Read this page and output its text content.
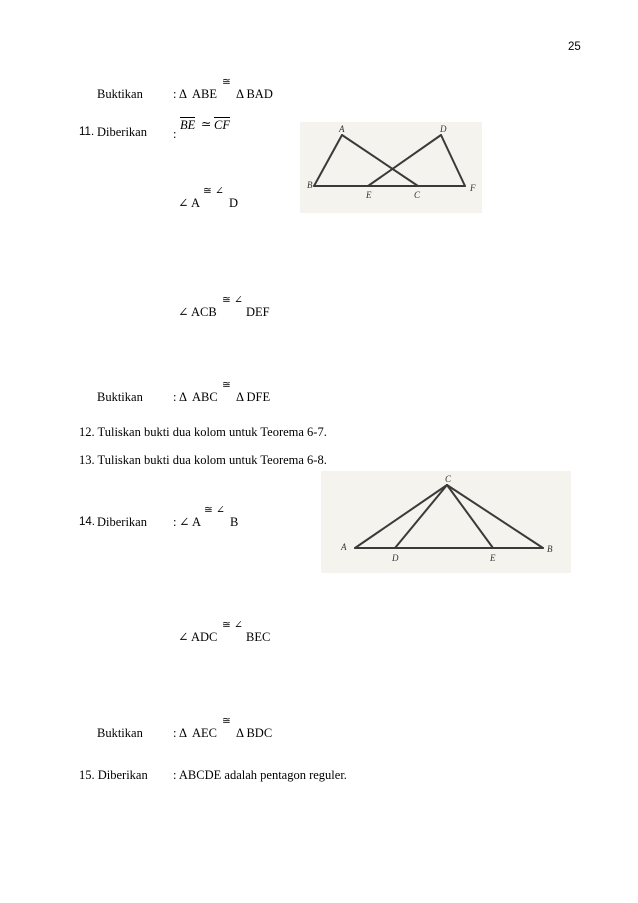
25
Buktikan : Δ ABE
≅
Δ BAD
11. Diberikan :
BE ≃ CF
∠ A
≅ ∠
D
∠ ACB
≅ ∠
DEF
A	D
B
E	C
F
Buktikan : Δ ABC
≅
Δ DFE
12. Tuliskan bukti dua kolom untuk Teorema 6-7.
13. Tuliskan bukti dua kolom untuk Teorema 6-8.
14. Diberikan : ∠ A
≅ ∠
B
∠ ADC
≅ ∠
BEC
C
A
D	E
B
Buktikan : Δ AEC
≅
Δ BDC
15. Diberikan : ABCDE adalah pentagon reguler.
